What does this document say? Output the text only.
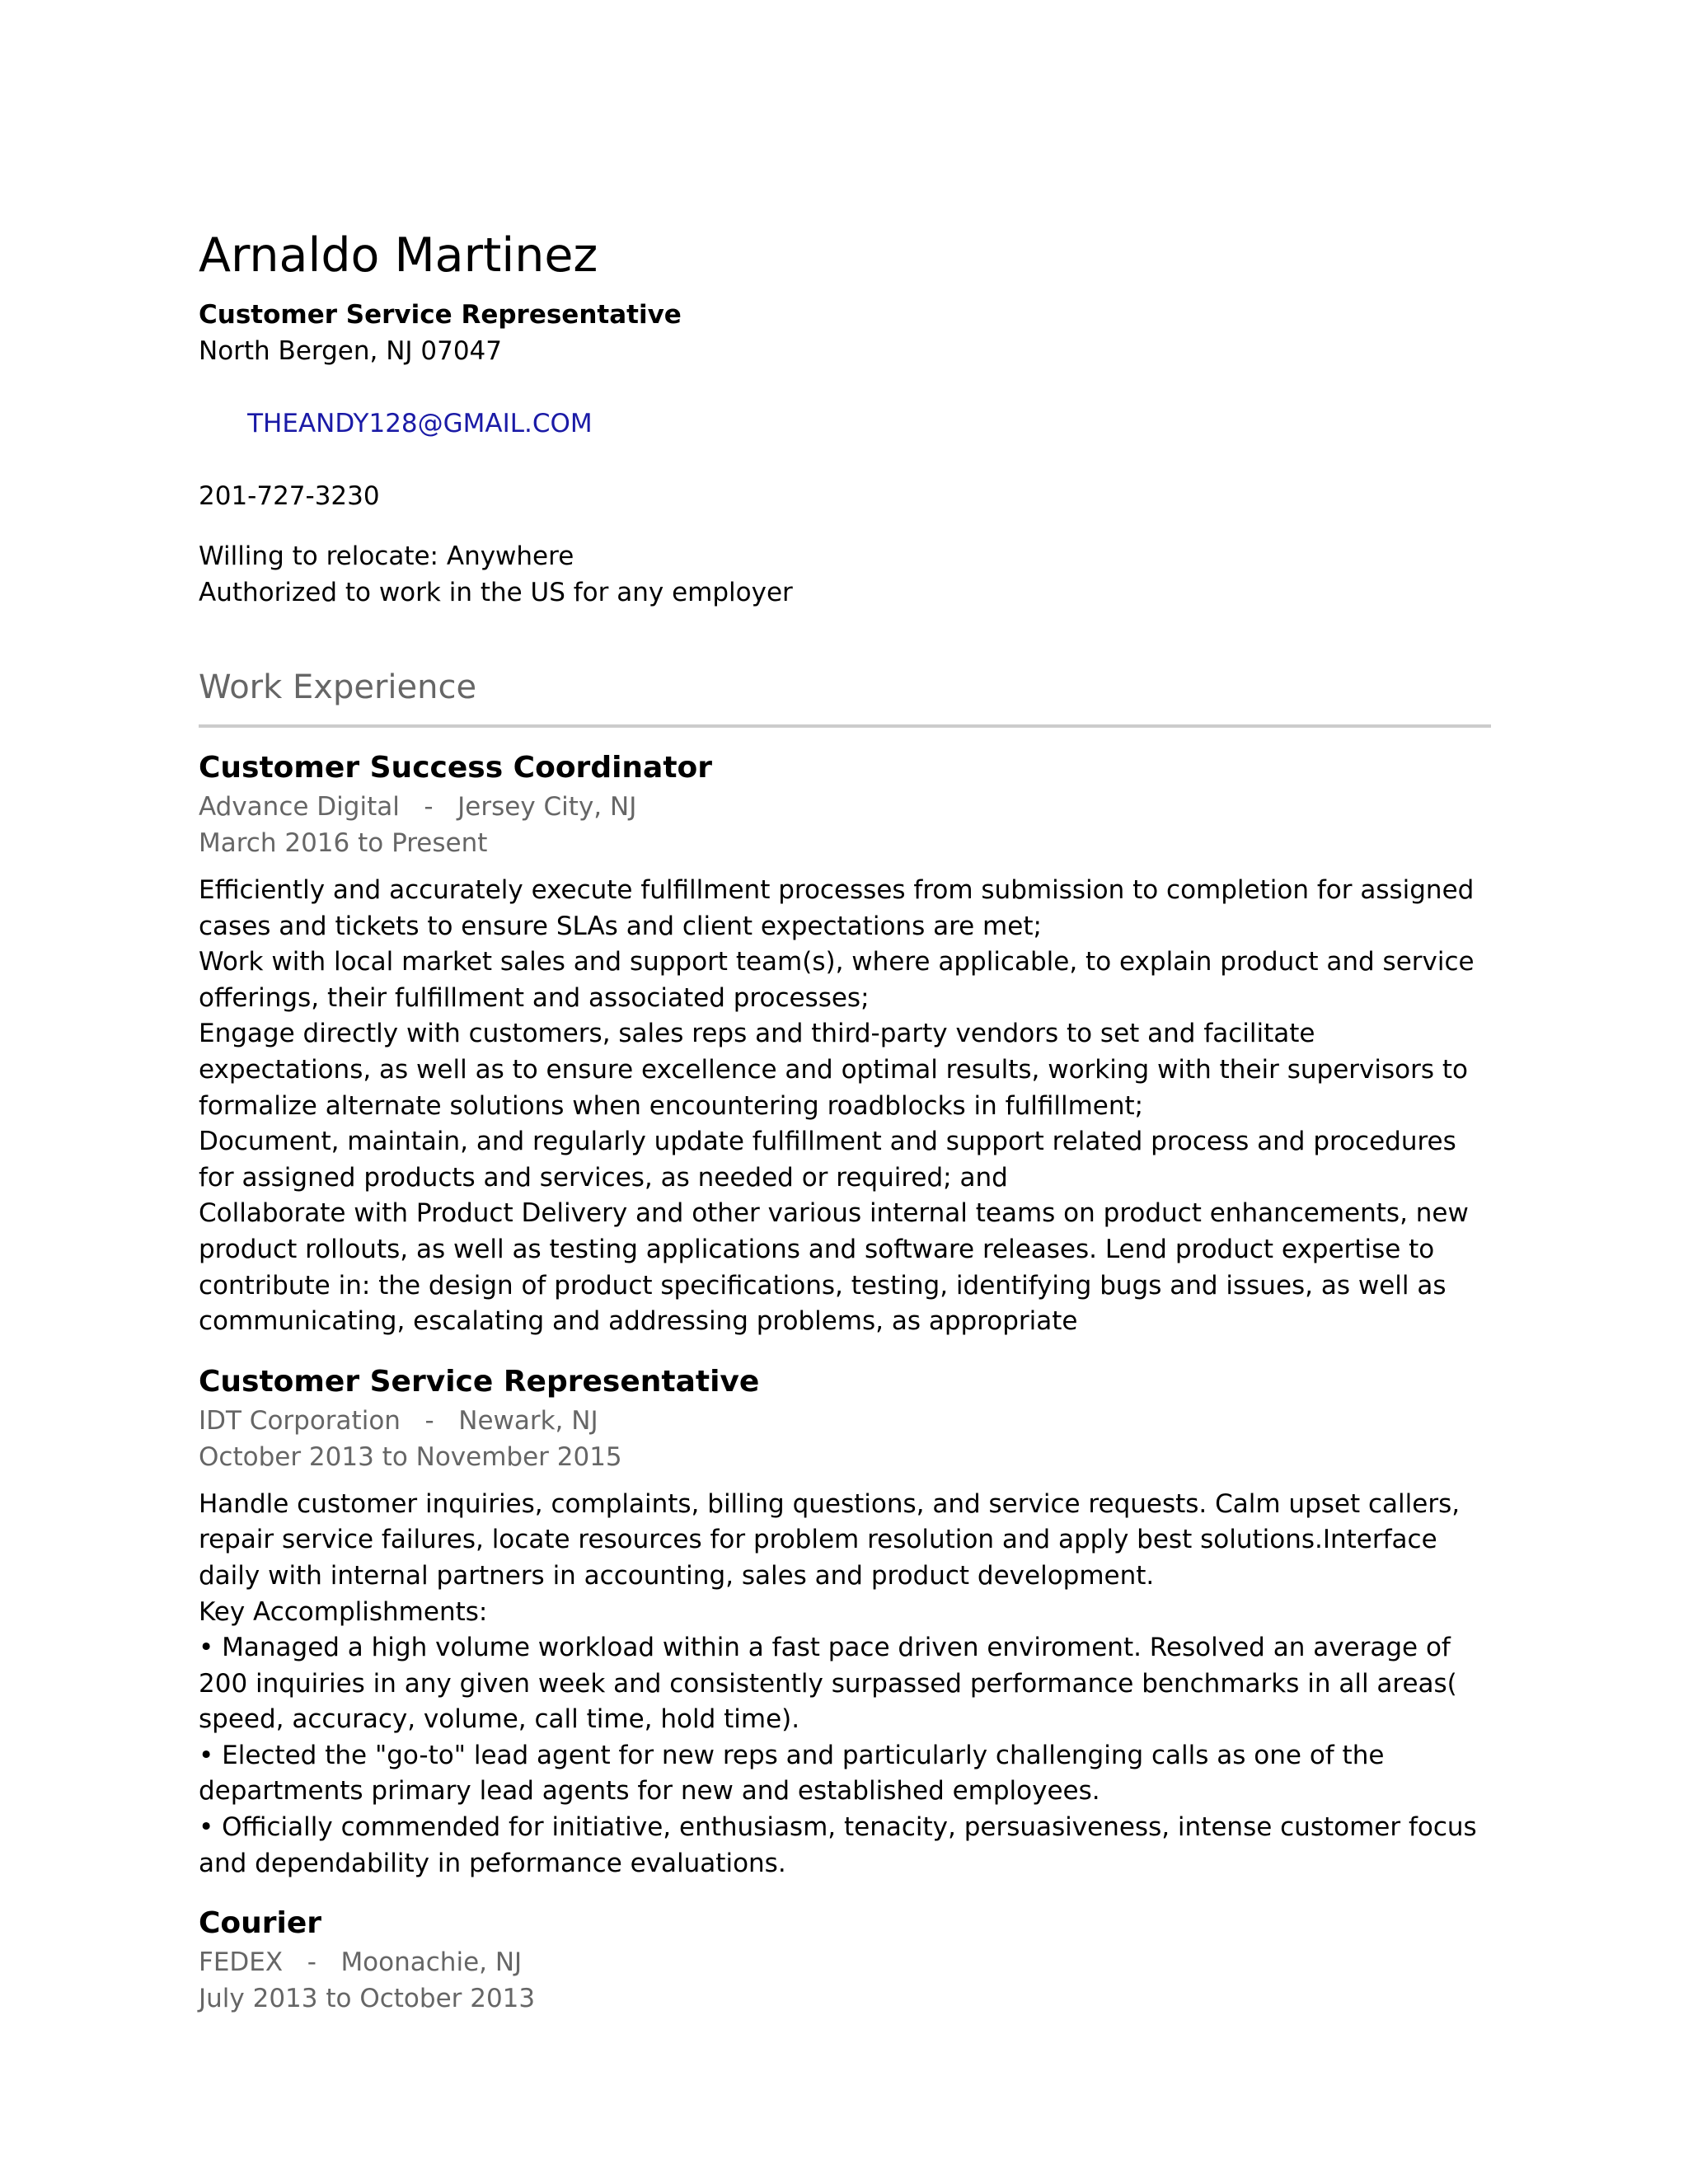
Arnaldo Martinez
Customer Service Representative
North Bergen, NJ 07047

THEANDY128@GMAIL.COM

201-727-3230
Willing to relocate: Anywhere
Authorized to work in the US for any employer
Work Experience
Customer Success Coordinator
Advance Digital - Jersey City, NJ
March 2016 to Present

Efficiently and accurately execute fulfillment processes from submission to completion for assigned cases and tickets to ensure SLAs and client expectations are met;

Work with local market sales and support team(s), where applicable, to explain product and service offerings, their fulfillment and associated processes;

Engage directly with customers, sales reps and third-party vendors to set and facilitate expectations, as well as to ensure excellence and optimal results, working with their supervisors to formalize alternate solutions when encountering roadblocks in fulfillment;

Document, maintain, and regularly update fulfillment and support related process and procedures for assigned products and services, as needed or required; and

Collaborate with Product Delivery and other various internal teams on product enhancements, new product rollouts, as well as testing applications and software releases. Lend product expertise to contribute in: the design of product specifications, testing, identifying bugs and issues, as well as communicating, escalating and addressing problems, as appropriate

Customer Service Representative
IDT Corporation - Newark, NJ
October 2013 to November 2015

Handle customer inquiries, complaints, billing questions, and service requests. Calm upset callers, repair service failures, locate resources for problem resolution and apply best solutions.Interface daily with internal partners in accounting, sales and product development.

Key Accomplishments:

• Managed a high volume workload within a fast pace driven enviroment. Resolved an average of 200 inquiries in any given week and consistently surpassed performance benchmarks in all areas( speed, accuracy, volume, call time, hold time).

• Elected the "go-to" lead agent for new reps and particularly challenging calls as one of the departments primary lead agents for new and established employees.

• Officially commended for initiative, enthusiasm, tenacity, persuasiveness, intense customer focus and dependability in peformance evaluations.

Courier
FEDEX - Moonachie, NJ
July 2013 to October 2013
